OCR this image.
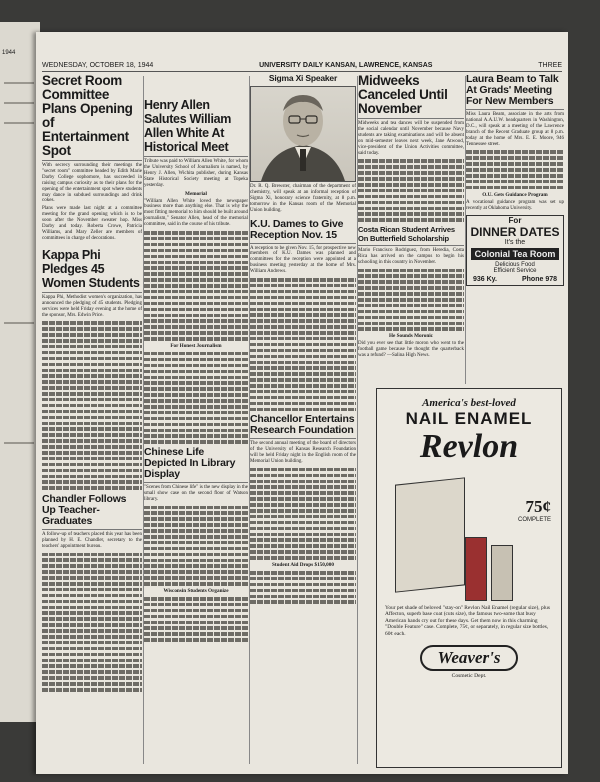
1944
WEDNESDAY, OCTOBER 18, 1944	UNIVERSITY DAILY KANSAN, LAWRENCE, KANSAS	THREE
Secret Room Committee Plans Opening of Entertainment Spot

With secrecy surrounding their meetings the "secret room" committee headed by Edith Marie Darby College sophomore, has succeeded in raising campus curiosity as to their plans for the opening of the entertainment spot where students may dance in subdued surroundings and drink cokes.

Plans were made last night at a committee meeting for the grand opening which is to be soon after the November sweater hop. Miss Darby and today. Roberta Crowe, Patricia Williams, and Mary Zeller are members of committees in charge of decorations.

Kappa Phi Pledges 45 Women Students

Kappa Phi, Methodist women's organization, has announced the pledging of 45 students. Pledging services were held Friday evening at the home of the sponsor, Mrs. Edwin Price.

Chandler Follows Up Teacher-Graduates

A follow-up of teachers placed this year has been planned by H. E. Chandler, secretary to the teachers' appointment bureau.

Henry Allen Salutes William Allen White At Historical Meet

Tribute was paid to William Allen White, for whom the University School of Journalism is named, by Henry J. Allen, Wichita publisher, during Kansas State Historical Society meeting at Topeka yesterday.

Memorial

"William Allen White loved the newspaper business more than anything else. That is why the most fitting memorial to him should be built around journalism," Senator Allen, head of the memorial committee, said in the course of his tribute.

For Honest Journalism

Chinese Life Depicted In Library Display

"Scenes from Chinese life" is the new display in the small show case on the second floor of Watson library.

Wisconsin Students Organize

Sigma Xi Speaker

Dr. R. Q. Brewster, chairman of the department of chemistry, will speak at an informal reception of Sigma Xi, honorary science fraternity, at 8 p.m. tomorrow in the Kansas room of the Memorial Union building.

K.U. Dames to Give Reception Nov. 15

A reception to be given Nov. 15, for prospective new members of K.U. Dames was planned and committees for the reception were appointed at a business meeting yesterday at the home of Mrs. William Andrews.

Chancellor Entertains Research Foundation

The second annual meeting of the board of directors of the University of Kansas Research Foundation will be held Friday night in the English room of the Memorial Union building.

Student Aid Drops $150,000

Midweeks Canceled Until November

Midweeks and tea dances will be suspended from the social calendar until November because Navy students are taking examinations and will be absent on mid-semester leaves next week, Jane Atwood, vice-president of the Union Activities committee, said today.

Costa Rican Student Arrives On Butterfield Scholarship

Mario Francisco Rodriguez, from Heredia, Costa Rica has arrived on the campus to begin his schooling in this country in November.

He Sounds Moronic

Did you ever see that little moron who went to the football game because he thought the quarterback was a refund? —Salina High News.

Laura Beam to Talk At Grads' Meeting For New Members

Miss Laura Beam, associate in the arts from national A.A.U.W. headquarters in Washington, D.C., will speak at a meeting of the Lawrence branch of the Recent Graduate group at 8 p.m. today at the home of Mrs. E. E. Moore, 946 Tennessee street.

O.U. Gets Guidance Program

A vocational guidance program was set up recently at Oklahoma University.

For
DINNER DATES
It's the
Colonial Tea Room
Delicious Food
Efficient Service
936 Ky.	Phone 978
America's best-loved
NAIL ENAMEL
Revlon
75¢
COMPLETE

Your pet shade of beloved "stay-on" Revlon Nail Enamel (regular size), plus Affecton, superb base coat (cuts size), the famous two-some that busy American hands cry out for these days. Get them now in this charming "Double Feature" case. Complete, 75¢, or separately, in regular size bottles, 60¢ each.

Weaver's
Cosmetic Dept.
